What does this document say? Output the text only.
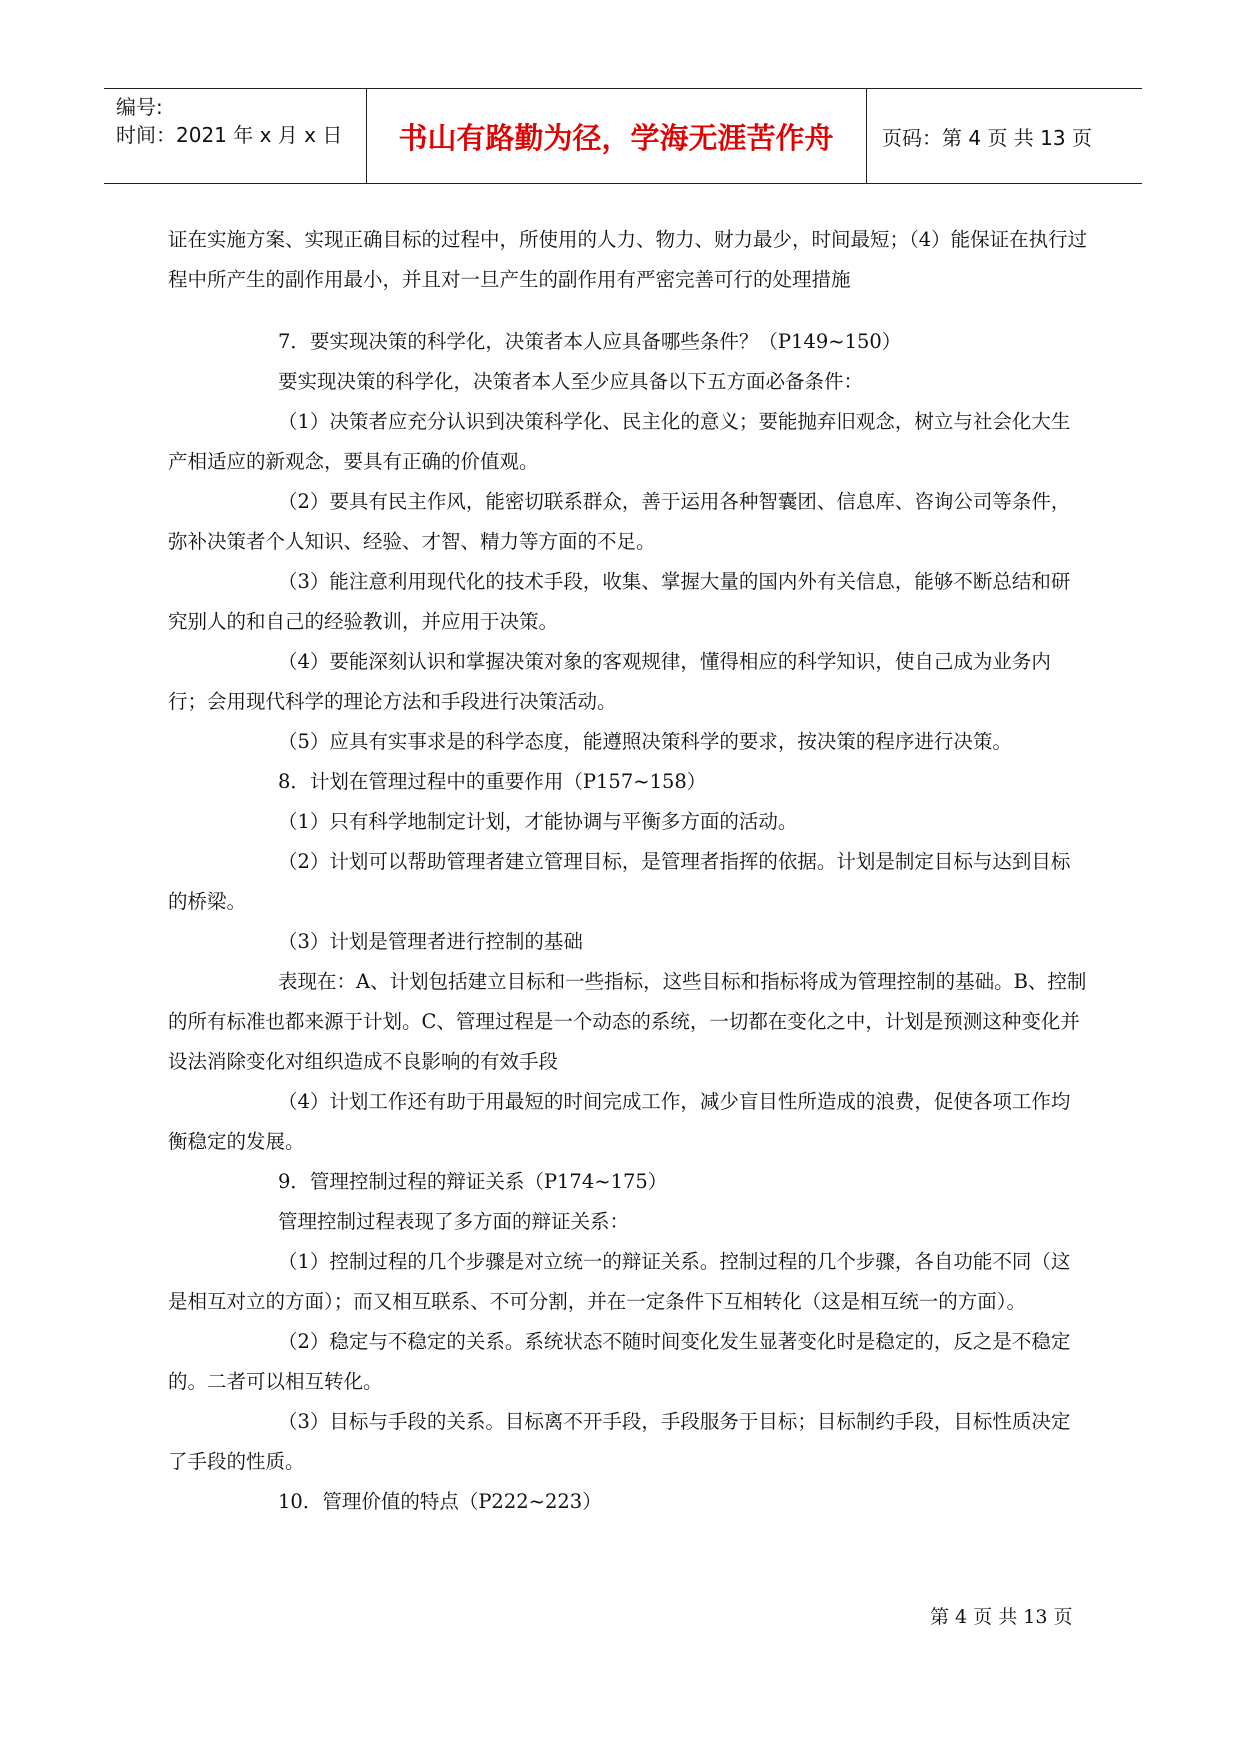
编号:
时间：2021 年 x 月 x 日	书山有路勤为径，学海无涯苦作舟	页码：第 4 页 共 13 页

证在实施方案、实现正确目标的过程中，所使用的人力、物力、财力最少，时间最短；（4）能保证在执行过程中所产生的副作用最小，并且对一旦产生的副作用有严密完善可行的处理措施

7．要实现决策的科学化，决策者本人应具备哪些条件？（P149~150）

要实现决策的科学化，决策者本人至少应具备以下五方面必备条件：

（1）决策者应充分认识到决策科学化、民主化的意义；要能抛弃旧观念，树立与社会化大生产相适应的新观念，要具有正确的价值观。

（2）要具有民主作风，能密切联系群众，善于运用各种智囊团、信息库、咨询公司等条件，弥补决策者个人知识、经验、才智、精力等方面的不足。

（3）能注意利用现代化的技术手段，收集、掌握大量的国内外有关信息，能够不断总结和研究别人的和自己的经验教训，并应用于决策。

（4）要能深刻认识和掌握决策对象的客观规律，懂得相应的科学知识，使自己成为业务内行；会用现代科学的理论方法和手段进行决策活动。

（5）应具有实事求是的科学态度，能遵照决策科学的要求，按决策的程序进行决策。

8．计划在管理过程中的重要作用（P157~158）

（1）只有科学地制定计划，才能协调与平衡多方面的活动。

（2）计划可以帮助管理者建立管理目标，是管理者指挥的依据。计划是制定目标与达到目标的桥梁。

（3）计划是管理者进行控制的基础

表现在：A、计划包括建立目标和一些指标，这些目标和指标将成为管理控制的基础。B、控制的所有标准也都来源于计划。C、管理过程是一个动态的系统，一切都在变化之中，计划是预测这种变化并设法消除变化对组织造成不良影响的有效手段

（4）计划工作还有助于用最短的时间完成工作，减少盲目性所造成的浪费，促使各项工作均衡稳定的发展。

9．管理控制过程的辩证关系（P174~175）

管理控制过程表现了多方面的辩证关系：

（1）控制过程的几个步骤是对立统一的辩证关系。控制过程的几个步骤，各自功能不同（这是相互对立的方面）；而又相互联系、不可分割，并在一定条件下互相转化（这是相互统一的方面）。

（2）稳定与不稳定的关系。系统状态不随时间变化发生显著变化时是稳定的，反之是不稳定的。二者可以相互转化。

（3）目标与手段的关系。目标离不开手段，手段服务于目标；目标制约手段，目标性质决定了手段的性质。

10．管理价值的特点（P222~223）

第 4 页 共 13 页
